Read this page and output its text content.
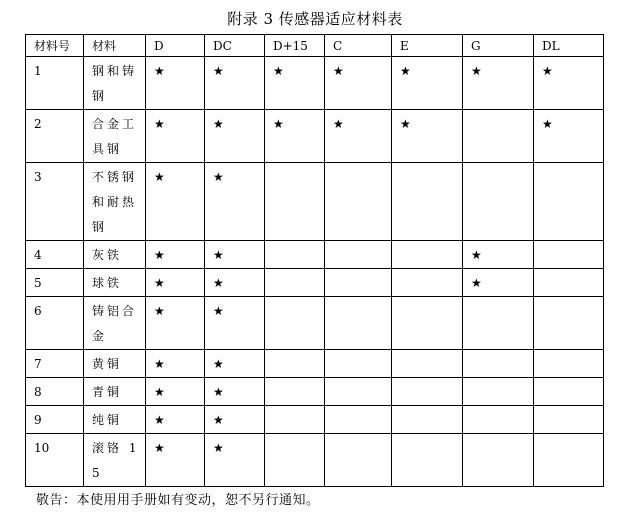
附录 3 传感器适应材料表
材料号	材料	D	DC	D+15	C	E	G	DL
1	钢和铸钢	★	★	★	★	★	★	★
2	合金工具钢	★	★	★	★	★		★
3	不锈钢和耐热钢	★	★					
4	灰铁	★	★				★	
5	球铁	★	★				★	
6	铸铝合金	★	★					
7	黄铜	★	★					
8	青铜	★	★					
9	纯铜	★	★					
10	滚铬 15	★	★					
敬告：本使用用手册如有变动，恕不另行通知。
